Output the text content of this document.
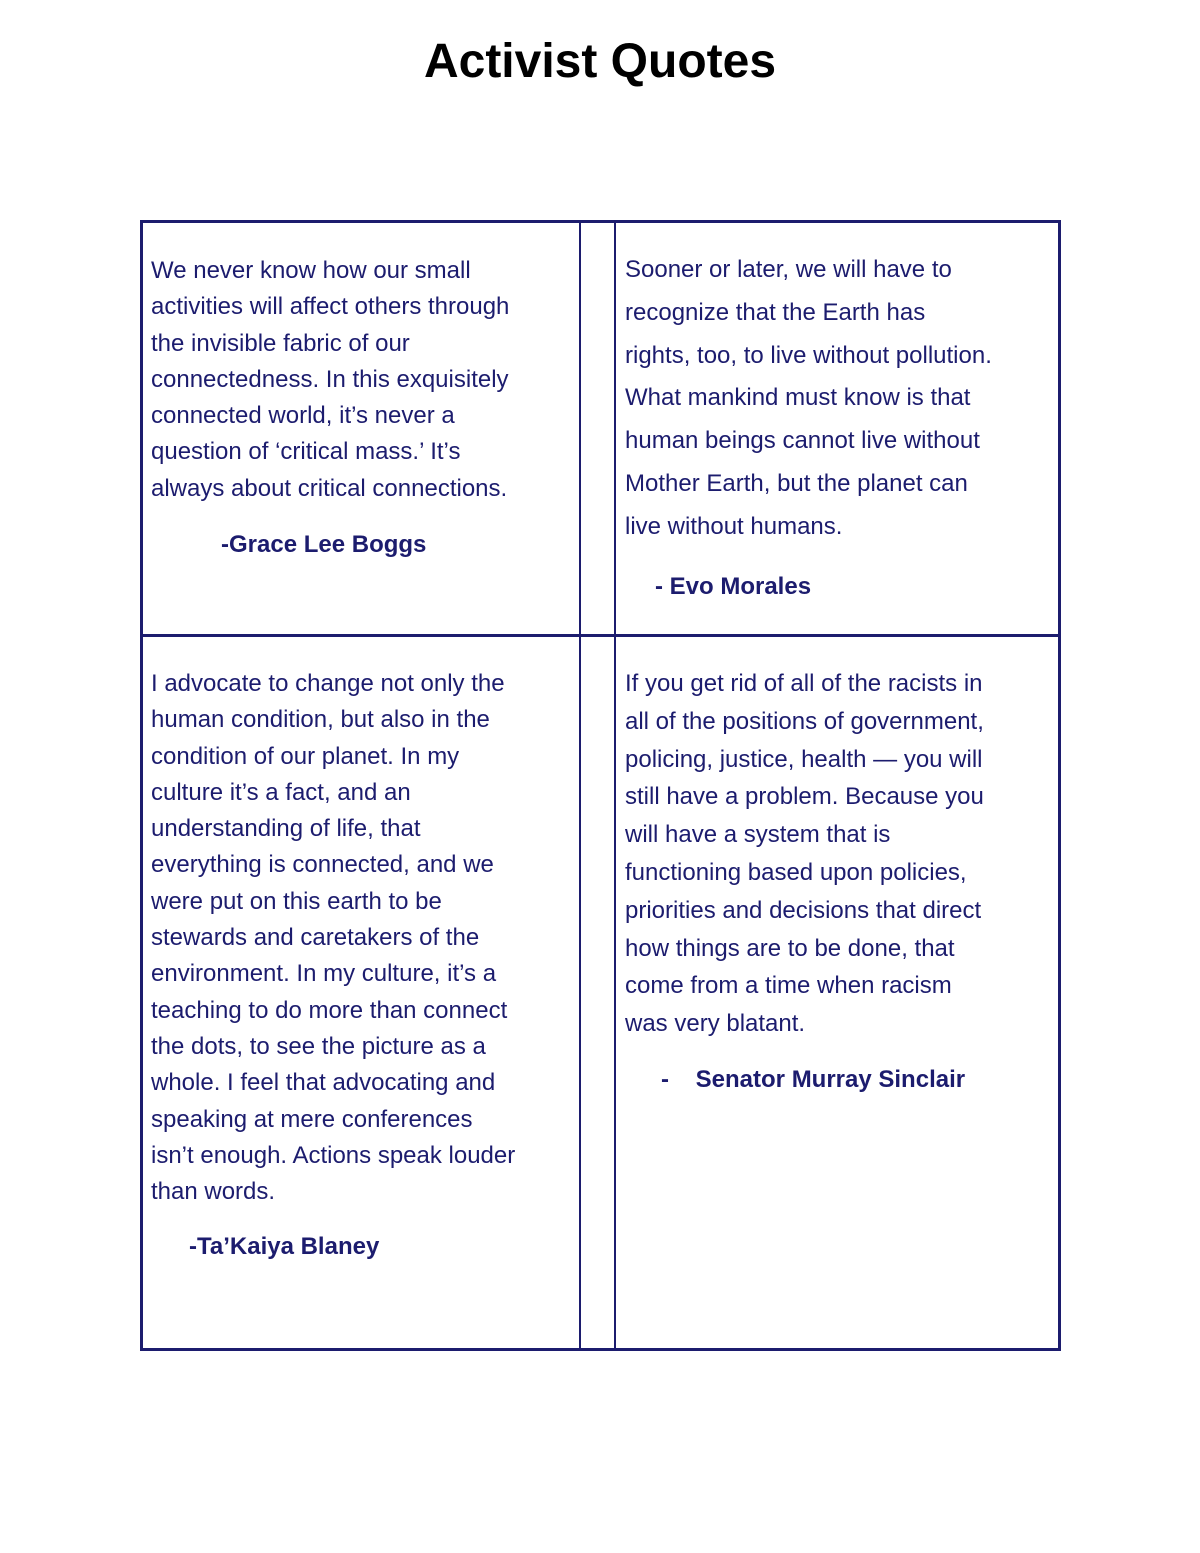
Activist Quotes

We never know how our small
activities will affect others through
the invisible fabric of our
connectedness. In this exquisitely
connected world, it’s never a
question of ‘critical mass.’ It’s
always about critical connections.

-Grace Lee Boggs

Sooner or later, we will have to
recognize that the Earth has
rights, too, to live without pollution.
What mankind must know is that
human beings cannot live without
Mother Earth, but the planet can
live without humans.

- Evo Morales

I advocate to change not only the
human condition, but also in the
condition of our planet. In my
culture it’s a fact, and an
understanding of life, that
everything is connected, and we
were put on this earth to be
stewards and caretakers of the
environment. In my culture, it’s a
teaching to do more than connect
the dots, to see the picture as a
whole. I feel that advocating and
speaking at mere conferences
isn’t enough. Actions speak louder
than words.

-Ta’Kaiya Blaney

If you get rid of all of the racists in
all of the positions of government,
policing, justice, health — you will
still have a problem. Because you
will have a system that is
functioning based upon policies,
priorities and decisions that direct
how things are to be done, that
come from a time when racism
was very blatant.

-    Senator Murray Sinclair
